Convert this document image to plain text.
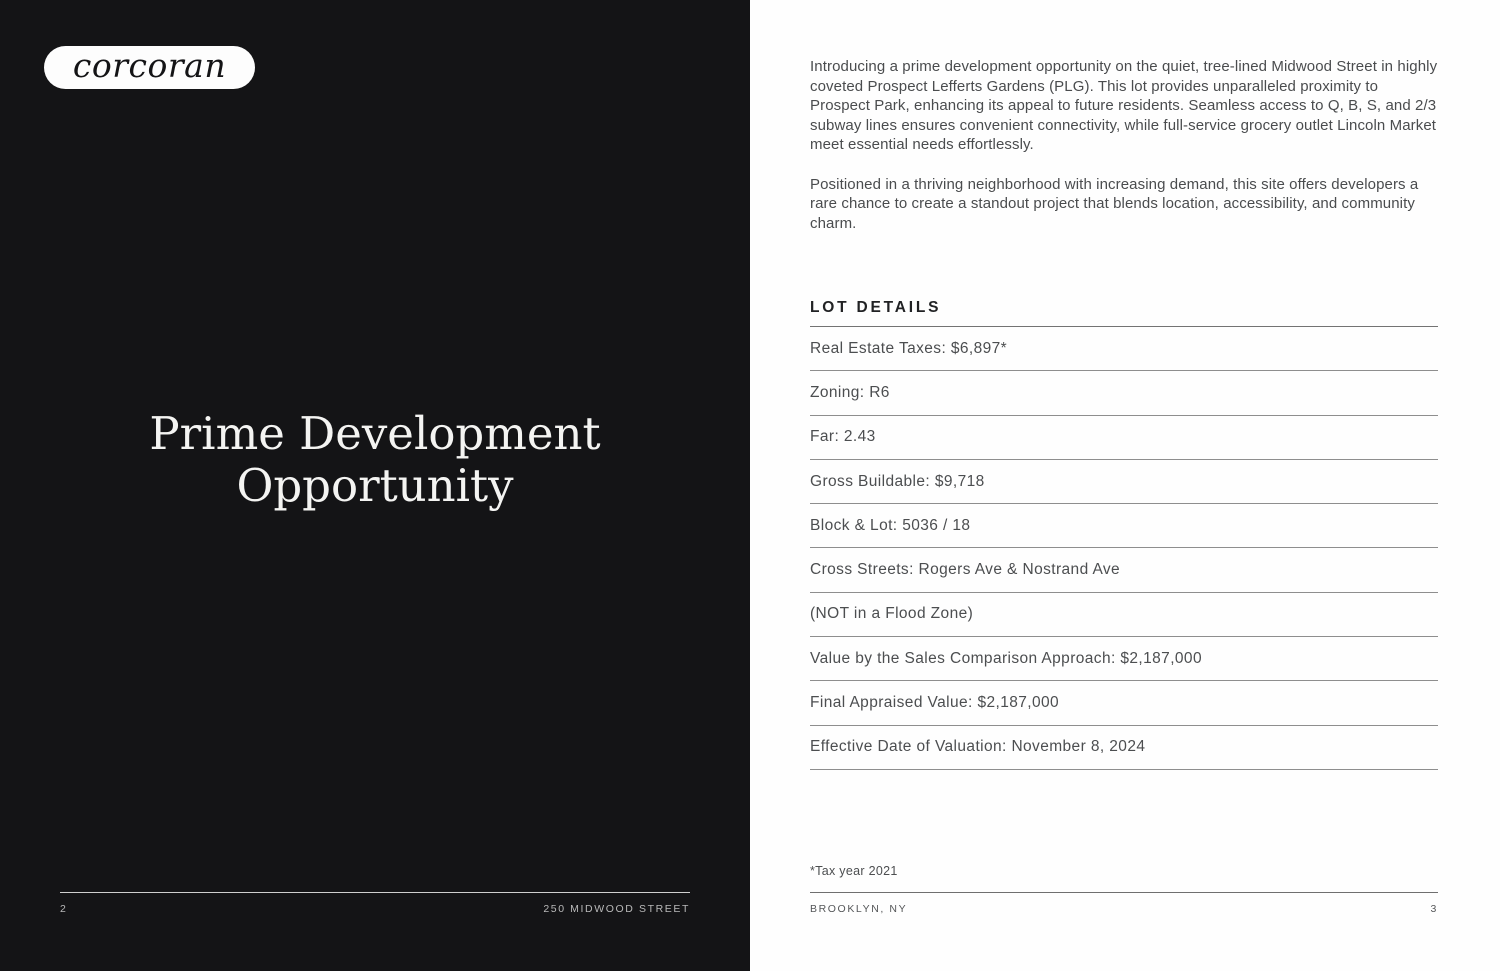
corcoran
Prime Development
Opportunity
2	250 MIDWOOD STREET

Introducing a prime development opportunity on the quiet, tree-lined Midwood Street in highly coveted Prospect Lefferts Gardens (PLG). This lot provides unparalleled proximity to Prospect Park, enhancing its appeal to future residents. Seamless access to Q, B, S, and 2/3 subway lines ensures convenient connectivity, while full-service grocery outlet Lincoln Market meet essential needs effortlessly.

Positioned in a thriving neighborhood with increasing demand, this site offers developers a rare chance to create a standout project that blends location, accessibility, and community charm.

LOT DETAILS
Real Estate Taxes: $6,897*
Zoning: R6
Far: 2.43
Gross Buildable: $9,718
Block & Lot: 5036 / 18
Cross Streets: Rogers Ave & Nostrand Ave
(NOT in a Flood Zone)
Value by the Sales Comparison Approach: $2,187,000
Final Appraised Value: $2,187,000
Effective Date of Valuation: November 8, 2024
*Tax year 2021
BROOKLYN, NY	3
